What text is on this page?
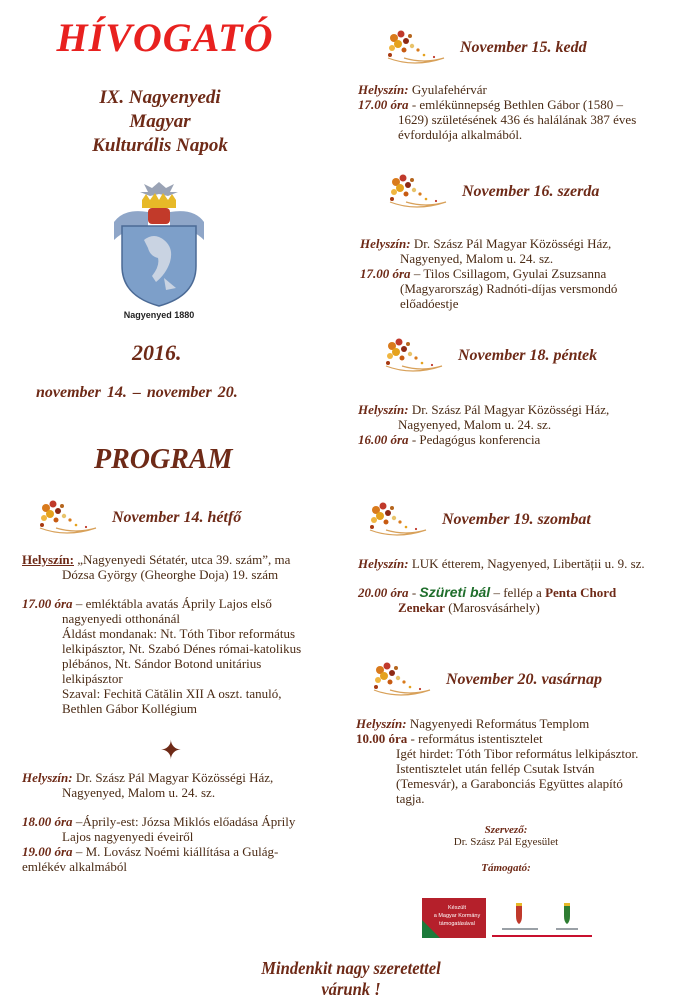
HÍVOGATÓ
IX. Nagyenyedi
Magyar
Kulturális Napok
Nagyenyed 1880
2016.
november 14. – november 20.
PROGRAM
November 14. hétfő
Helyszín: „Nagyenyedi Sétatér, utca 39. szám”, ma
Dózsa György (Gheorghe Doja) 19. szám
17.00 óra – emléktábla avatás Áprily Lajos első
nagyenyedi otthonánál
Áldást mondanak: Nt. Tóth Tibor református
lelkipásztor, Nt. Szabó Dénes római-katolikus
plébános, Nt. Sándor Botond unitárius
lelkipásztor
Szaval: Fechită Cătălin XII A oszt. tanuló,
Bethlen Gábor Kollégium
✦
Helyszín: Dr. Szász Pál Magyar Közösségi Ház,
Nagyenyed, Malom u. 24. sz.
18.00 óra –Áprily-est: Józsa Miklós előadása Áprily
Lajos nagyenyedi éveiről
19.00 óra – M. Lovász Noémi kiállítása a Gulág-
emlékév alkalmából
November 15. kedd
Helyszín: Gyulafehérvár
17.00 óra - emlékünnepség Bethlen Gábor (1580 –
1629) születésének 436 és halálának 387 éves
évfordulója alkalmából.
November 16. szerda
Helyszín: Dr. Szász Pál Magyar Közösségi Ház,
Nagyenyed, Malom u. 24. sz.
17.00 óra – Tilos Csillagom, Gyulai Zsuzsanna
(Magyarország) Radnóti-díjas versmondó
előadóestje
November 18. péntek
Helyszín: Dr. Szász Pál Magyar Közösségi Ház,
Nagyenyed, Malom u. 24. sz.
16.00 óra - Pedagógus konferencia
November 19. szombat
Helyszín: LUK étterem, Nagyenyed, Libertății u. 9. sz.
20.00 óra - Szüreti bál – fellép a Penta Chord
Zenekar (Marosvásárhely)
November 20. vasárnap
Helyszín: Nagyenyedi Református Templom
10.00 óra - református istentisztelet
Igét hirdet: Tóth Tibor református lelkipásztor.
Istentisztelet után fellép Csutak István
(Temesvár), a Garabonciás Együttes alapító
tagja.
Szervező:
Dr. Szász Pál Egyesület
Támogató:
Készült
a Magyar Kormány
támogatásával
Mindenkit nagy szeretettel várunk !
